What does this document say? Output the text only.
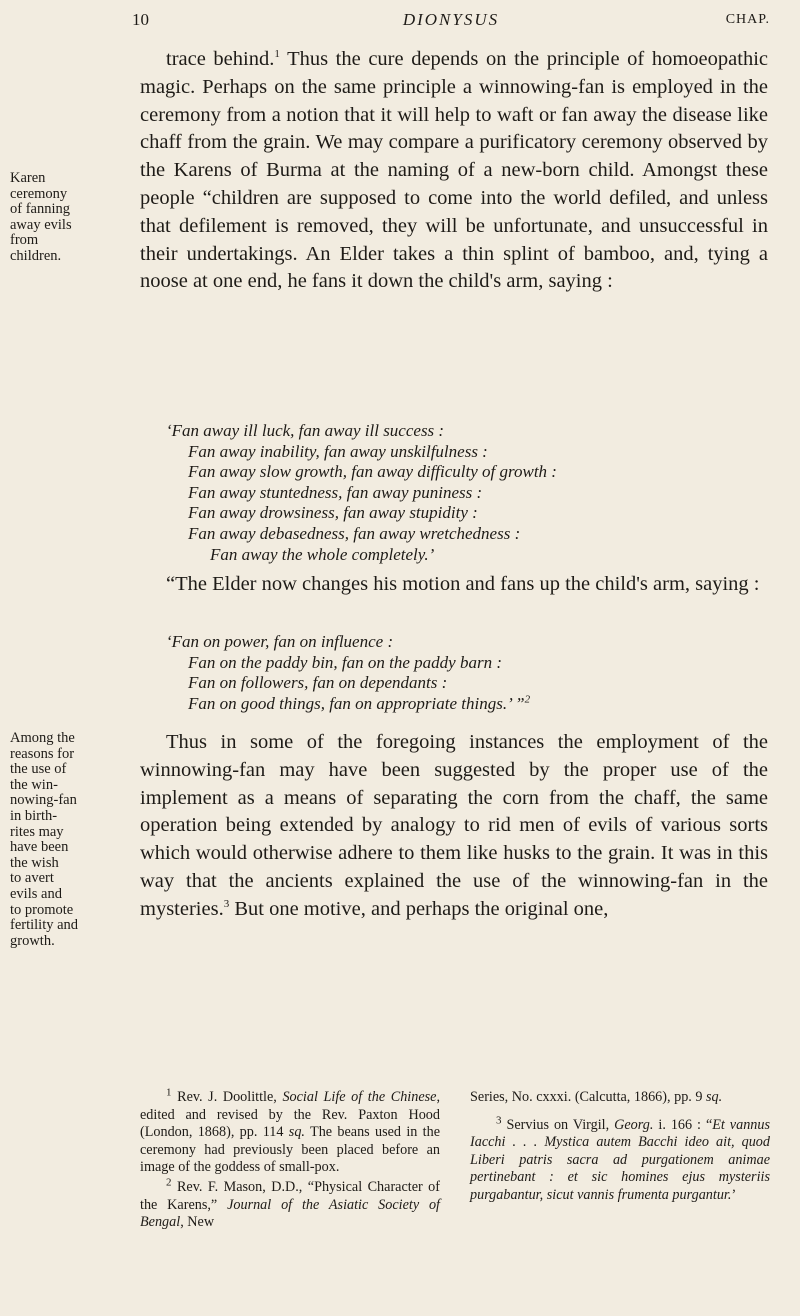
10	DIONYSUS	CHAP.
Karen
ceremony
of fanning
away evils
from
children.

trace behind.$^1$ Thus the cure depends on the principle of homoeopathic magic. Perhaps on the same principle a winnowing-fan is employed in the ceremony from a notion that it will help to waft or fan away the disease like chaff from the grain. We may compare a purificatory ceremony observed by the Karens of Burma at the naming of a new-born child. Amongst these people “children are supposed to come into the world defiled, and unless that defilement is removed, they will be unfortunate, and unsuccessful in their undertakings. An Elder takes a thin splint of bamboo, and, tying a noose at one end, he fans it down the child's arm, saying :

‘Fan away ill luck, fan away ill success :
Fan away inability, fan away unskilfulness :
Fan away slow growth, fan away difficulty of growth :
Fan away stuntedness, fan away puniness :
Fan away drowsiness, fan away stupidity :
Fan away debasedness, fan away wretchedness :
Fan away the whole completely.’

“The Elder now changes his motion and fans up the child's arm, saying :

‘Fan on power, fan on influence :
Fan on the paddy bin, fan on the paddy barn :
Fan on followers, fan on dependants :
Fan on good things, fan on appropriate things.’ ”$^2$
Among the
reasons for
the use of
the win-
nowing-fan
in birth-
rites may
have been
the wish
to avert
evils and
to promote
fertility and
growth.

Thus in some of the foregoing instances the employment of the winnowing-fan may have been suggested by the proper use of the implement as a means of separating the corn from the chaff, the same operation being extended by analogy to rid men of evils of various sorts which would otherwise adhere to them like husks to the grain. It was in this way that the ancients explained the use of the winnowing-fan in the mysteries.$^3$ But one motive, and perhaps the original one,

$^1$ Rev. J. Doolittle, Social Life of the Chinese, edited and revised by the Rev. Paxton Hood (London, 1868), pp. 114 sq. The beans used in the ceremony had previously been placed before an image of the goddess of small-pox.

$^2$ Rev. F. Mason, D.D., “Physical Character of the Karens,” Journal of the Asiatic Society of Bengal, New

Series, No. cxxxi. (Calcutta, 1866), pp. 9 sq.

$^3$ Servius on Virgil, Georg. i. 166 : “Et vannus Iacchi . . . Mystica autem Bacchi ideo ait, quod Liberi patris sacra ad purgationem animae pertinebant : et sic homines ejus mysteriis purgabantur, sicut vannis frumenta purgantur.’
